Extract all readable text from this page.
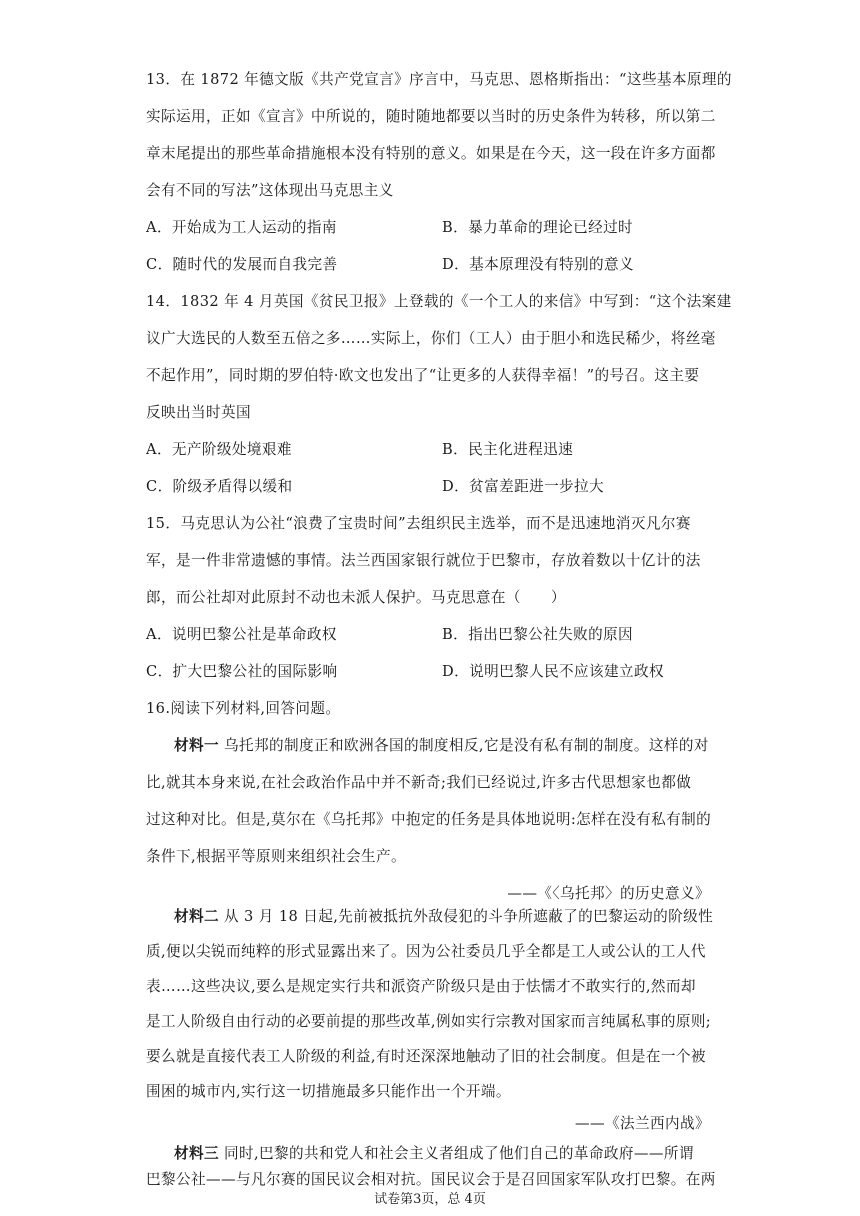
13．在 1872 年德文版《共产党宣言》序言中，马克思、恩格斯指出：“这些基本原理的
实际运用，正如《宣言》中所说的，随时随地都要以当时的历史条件为转移，所以第二
章末尾提出的那些革命措施根本没有特别的意义。如果是在今天，这一段在许多方面都
会有不同的写法”这体现出马克思主义
A．开始成为工人运动的指南	B．暴力革命的理论已经过时
C．随时代的发展而自我完善	D．基本原理没有特别的意义
14．1832 年 4 月英国《贫民卫报》上登载的《一个工人的来信》中写到：“这个法案建
议广大选民的人数至五倍之多……实际上，你们（工人）由于胆小和选民稀少，将丝毫
不起作用”，同时期的罗伯特·欧文也发出了“让更多的人获得幸福！”的号召。这主要
反映出当时英国
A．无产阶级处境艰难	B．民主化进程迅速
C．阶级矛盾得以缓和	D．贫富差距进一步拉大
15．马克思认为公社“浪费了宝贵时间”去组织民主选举，而不是迅速地消灭凡尔赛
军，是一件非常遗憾的事情。法兰西国家银行就位于巴黎市，存放着数以十亿计的法
郎，而公社却对此原封不动也未派人保护。马克思意在（　　）
A．说明巴黎公社是革命政权	B．指出巴黎公社失败的原因
C．扩大巴黎公社的国际影响	D．说明巴黎人民不应该建立政权
16.阅读下列材料,回答问题。
材料一 乌托邦的制度正和欧洲各国的制度相反,它是没有私有制的制度。这样的对
比,就其本身来说,在社会政治作品中并不新奇;我们已经说过,许多古代思想家也都做
过这种对比。但是,莫尔在《乌托邦》中抱定的任务是具体地说明:怎样在没有私有制的
条件下,根据平等原则来组织社会生产。
——《〈乌托邦〉的历史意义》
材料二 从 3 月 18 日起,先前被抵抗外敌侵犯的斗争所遮蔽了的巴黎运动的阶级性
质,便以尖锐而纯粹的形式显露出来了。因为公社委员几乎全都是工人或公认的工人代
表……这些决议,要么是规定实行共和派资产阶级只是由于怯懦才不敢实行的,然而却
是工人阶级自由行动的必要前提的那些改革,例如实行宗教对国家而言纯属私事的原则;
要么就是直接代表工人阶级的利益,有时还深深地触动了旧的社会制度。但是在一个被
围困的城市内,实行这一切措施最多只能作出一个开端。
——《法兰西内战》
试卷第3页，总 4页
材料三 同时,巴黎的共和党人和社会主义者组成了他们自己的革命政府——所谓
巴黎公社——与凡尔赛的国民议会相对抗。国民议会于是召回国家军队攻打巴黎。在两
